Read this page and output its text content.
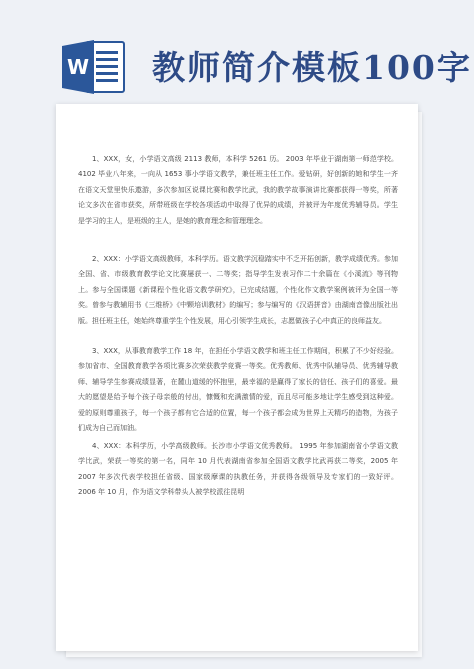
W 教师简介模板100字

1、XXX，女，小学语文高级 2113 教师，本科学 5261 历。 2003 年毕业于湖南第一师范学校。 4102 毕业八年来，一向从 1653 事小学语文教学，兼任班主任工作。爱钻研，好创新的她和学生一齐在语文天堂里快乐遨游，多次参加区说课比赛和教学比武，我的教学故事演讲比赛都获得一等奖，所著论文多次在省市获奖，所带班级在学校各项活动中取得了优异的成绩，并被评为年度优秀辅导员。学生是学习的主人，是班级的主人，是她的教育理念和管理理念。

2、XXX：小学语文高级教师，本科学历。语文教学沉稳踏实中不乏开拓创新，教学成绩优秀。参加全国、省、市级教育教学论文比赛屡获一、二等奖；指导学生发表习作二十余篇在《小溪流》等刊物上。参与全国课题《新课程个性化语文教学研究》，已完成结题，个性化作文教学案例被评为全国一等奖。曾参与教辅用书《三维桥》《中颗培训教材》的编写；参与编写的《汉语拼音》由湖南音像出版社出版。担任班主任，她始终尊重学生个性发展，用心引领学生成长，志愿做孩子心中真正的良师益友。

3、XXX，从事教育教学工作 18 年，在担任小学语文教学和班主任工作期间，积累了不少好经验。参加省市、全国教育教学各项比赛多次荣获教学竞赛一等奖。优秀教师、优秀中队辅导员、优秀辅导教师、辅导学生参赛成绩显著，在麓山道缓的怀抱里，最幸福的是赢得了家长的信任、孩子们的喜爱。最大的愿望是给予每个孩子母亲般的付出，慷慨和充满激情的爱，而且尽可能多地让学生感受到这种爱。爱的原则尊重孩子，每一个孩子都有它合适的位置，每一个孩子都会成为世界上天精巧的造物，为孩子们成为自己而加油。

4、XXX：本科学历，小学高级教师。长沙市小学语文优秀教师。 1995 年参加湖南省小学语文教学比武，荣获一等奖的第一名，同年 10 月代表湖南省参加全国语文教学比武再获二等奖，2005 年 2007 年多次代表学校担任省级、国家级摩课的执教任务，并获得各级领导及专家们的一致好评。 2006 年 10 月，作为语文学科带头人被学校派往昆明
